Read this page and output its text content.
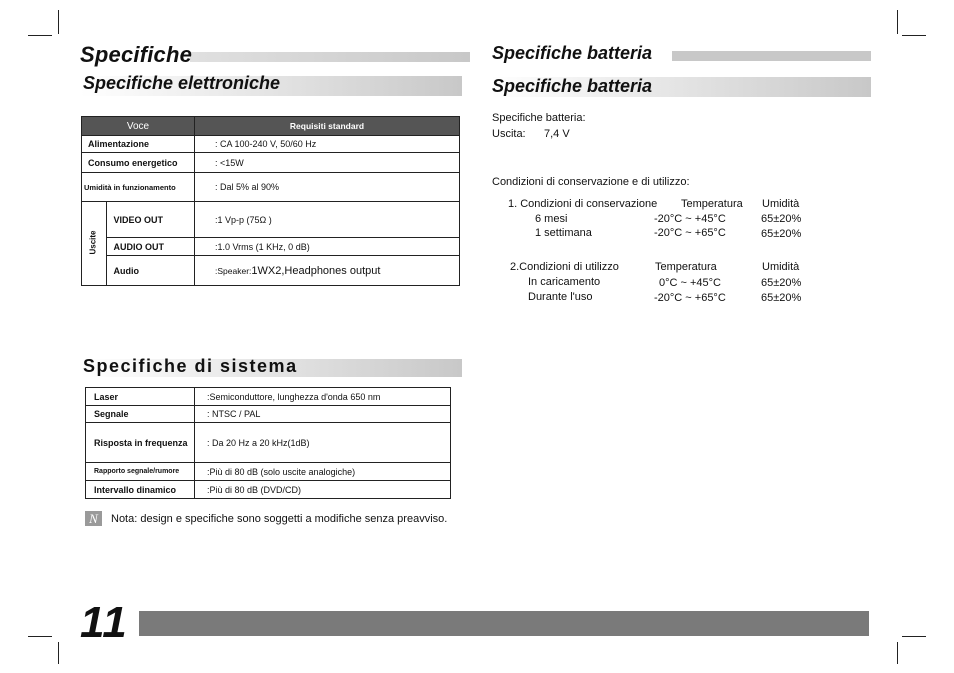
Specifiche
Specifiche elettroniche
Specifiche batteria
Specifiche batteria
Voce		Requisiti standard
Alimentazione		: CA 100-240 V, 50/60 Hz
Consumo energetico		: <15W
Umidità in funzionamento		: Dal 5% al 90%

Uscite	VIDEO OUT	:1 Vp-p (75Ω )
	AUDIO OUT	:1.0 Vrms (1 KHz, 0 dB)
	Audio	:Speaker:1WX2,Headphones output
Specifiche di sistema
Laser	:Semiconduttore, lunghezza d'onda 650 nm
Segnale	: NTSC / PAL
Risposta in frequenza	: Da 20 Hz a 20 kHz(1dB)
Rapporto segnale/rumore	:Più di 80 dB (solo uscite analogiche)
Intervallo dinamico	:Più di 80 dB (DVD/CD)
N	Nota: design e specifiche sono soggetti a modifiche senza preavviso.
Specifiche batteria:
Uscita: 7,4 V
Condizioni di conservazione e di utilizzo:
1. Condizioni di conservazione Temperatura Umidità
6 mesi	-20°C ~ +45°C	65±20%
1 settimana	-20°C ~ +65°C	65±20%
2.Condizioni di utilizzo	Temperatura	Umidità
In caricamento	0°C ~ +45°C	65±20%
Durante l'uso	-20°C ~ +65°C	65±20%
11
